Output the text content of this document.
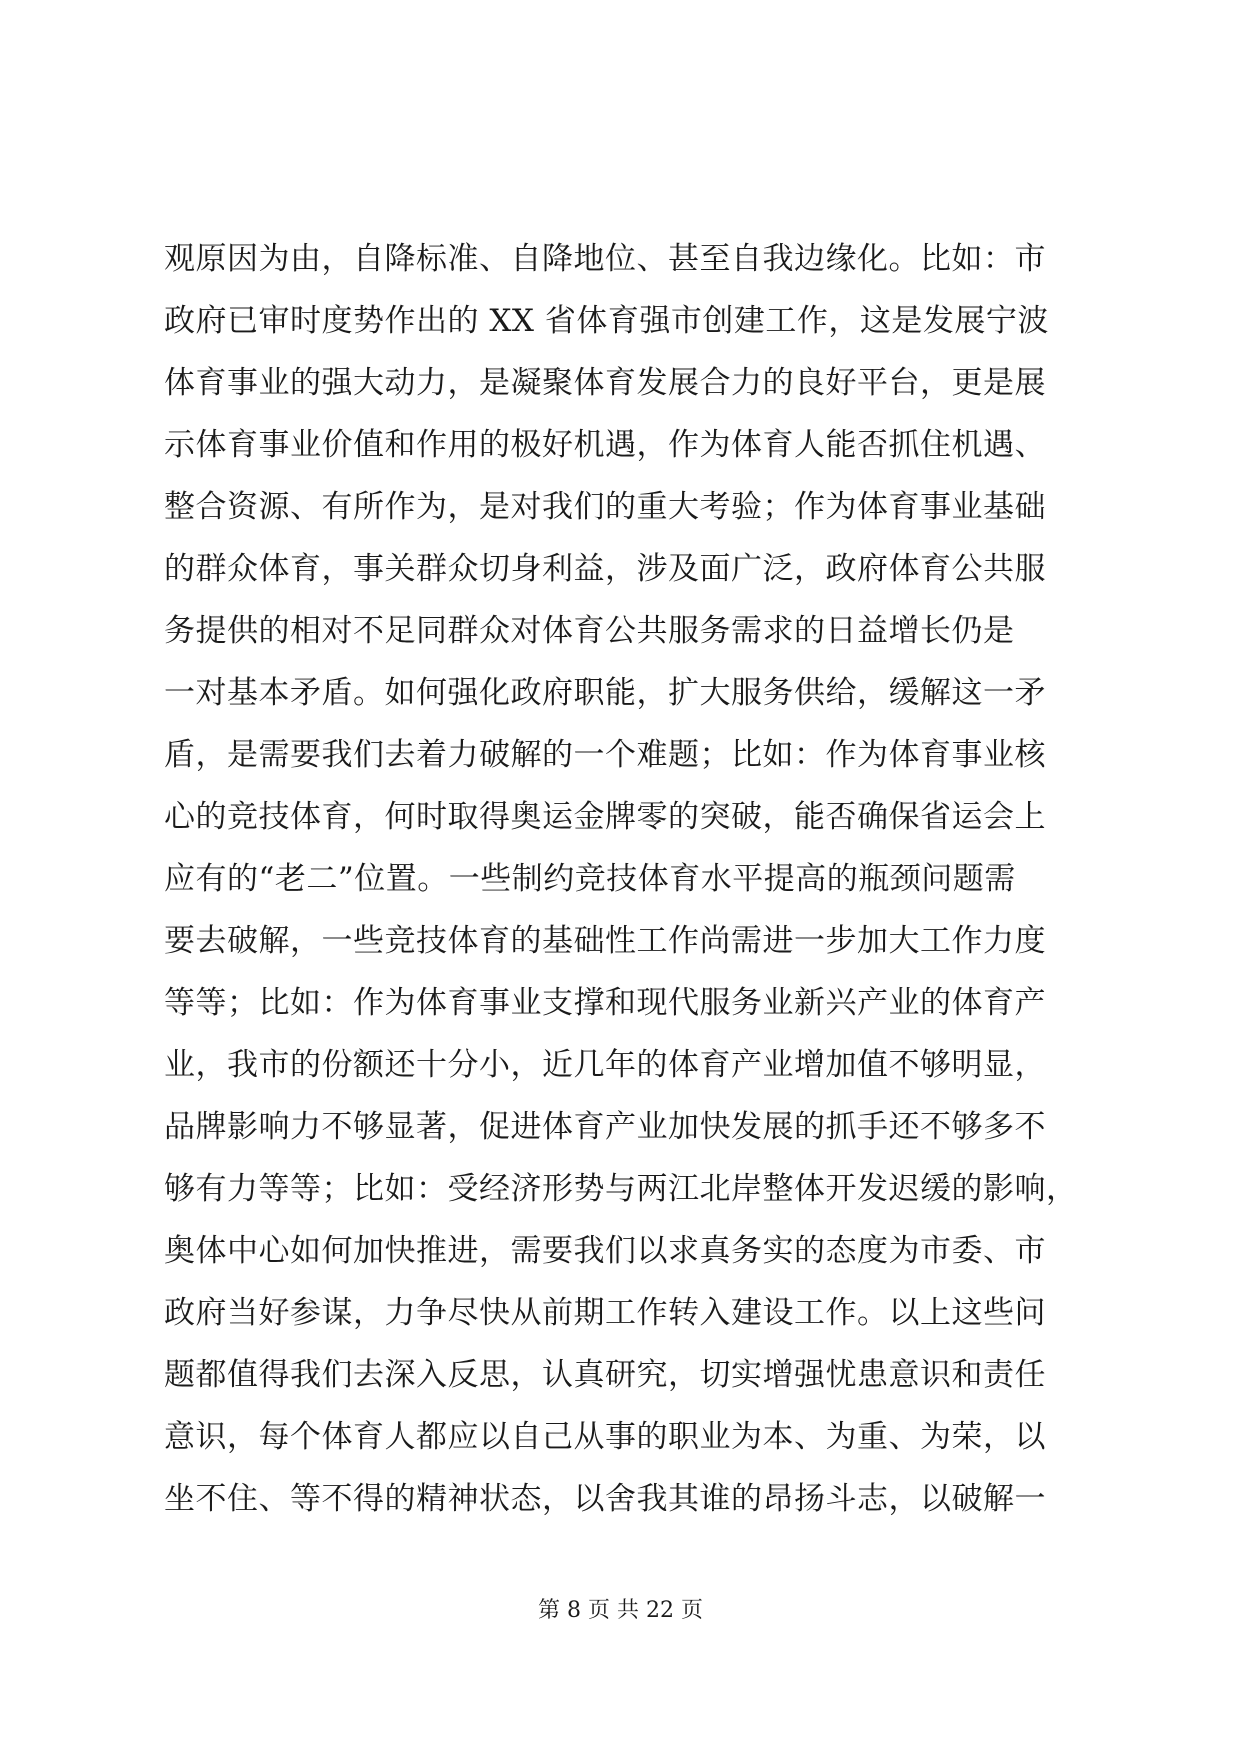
观原因为由，自降标准、自降地位、甚至自我边缘化。比如：市
政府已审时度势作出的 XX 省体育强市创建工作，这是发展宁波
体育事业的强大动力，是凝聚体育发展合力的良好平台，更是展
示体育事业价值和作用的极好机遇，作为体育人能否抓住机遇、
整合资源、有所作为，是对我们的重大考验；作为体育事业基础
的群众体育，事关群众切身利益，涉及面广泛，政府体育公共服
务提供的相对不足同群众对体育公共服务需求的日益增长仍是
一对基本矛盾。如何强化政府职能，扩大服务供给，缓解这一矛
盾，是需要我们去着力破解的一个难题；比如：作为体育事业核
心的竞技体育，何时取得奥运金牌零的突破，能否确保省运会上
应有的“老二”位置。一些制约竞技体育水平提高的瓶颈问题需
要去破解，一些竞技体育的基础性工作尚需进一步加大工作力度
等等；比如：作为体育事业支撑和现代服务业新兴产业的体育产
业，我市的份额还十分小，近几年的体育产业增加值不够明显，
品牌影响力不够显著，促进体育产业加快发展的抓手还不够多不
够有力等等；比如：受经济形势与两江北岸整体开发迟缓的影响，
奥体中心如何加快推进，需要我们以求真务实的态度为市委、市
政府当好参谋，力争尽快从前期工作转入建设工作。以上这些问
题都值得我们去深入反思，认真研究，切实增强忧患意识和责任
意识，每个体育人都应以自己从事的职业为本、为重、为荣，以
坐不住、等不得的精神状态，以舍我其谁的昂扬斗志，以破解一
第 8 页 共 22 页
